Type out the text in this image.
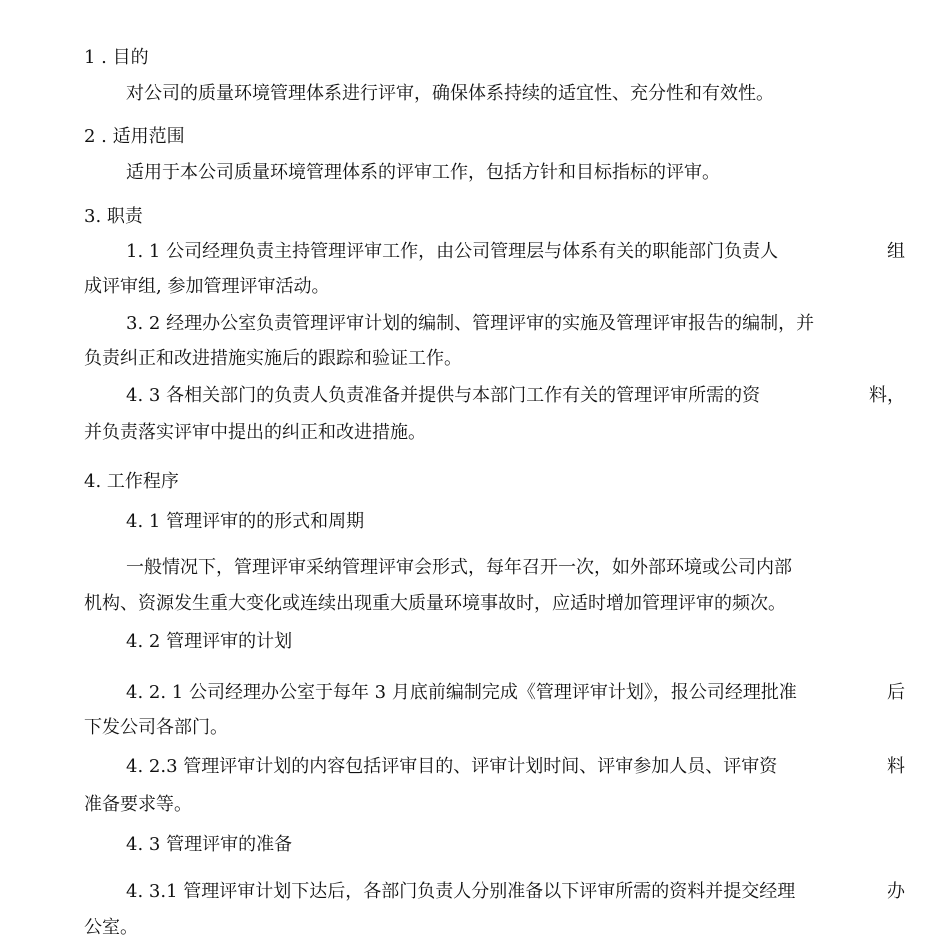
1 . 目的
对公司的质量环境管理体系进行评审，确保体系持续的适宜性、充分性和有效性。
2 . 适用范围
适用于本公司质量环境管理体系的评审工作，包括方针和目标指标的评审。
3. 职责
1. 1 公司经理负责主持管理评审工作，由公司管理层与体系有关的职能部门负责人	组
成评审组, 参加管理评审活动。
3. 2 经理办公室负责管理评审计划的编制、管理评审的实施及管理评审报告的编制，并
负责纠正和改进措施实施后的跟踪和验证工作。
4. 3 各相关部门的负责人负责准备并提供与本部门工作有关的管理评审所需的资	料，
并负责落实评审中提出的纠正和改进措施。
4. 工作程序
4. 1 管理评审的的形式和周期
一般情况下，管理评审采纳管理评审会形式，每年召开一次，如外部环境或公司内部
机构、资源发生重大变化或连续出现重大质量环境事故时，应适时增加管理评审的频次。
4. 2 管理评审的计划
4. 2. 1 公司经理办公室于每年 3 月底前编制完成《管理评审计划》，报公司经理批准	后
下发公司各部门。
4. 2.3 管理评审计划的内容包括评审目的、评审计划时间、评审参加人员、评审资	料
准备要求等。
4. 3 管理评审的准备
4. 3.1 管理评审计划下达后，各部门负责人分别准备以下评审所需的资料并提交经理	办
公室。
